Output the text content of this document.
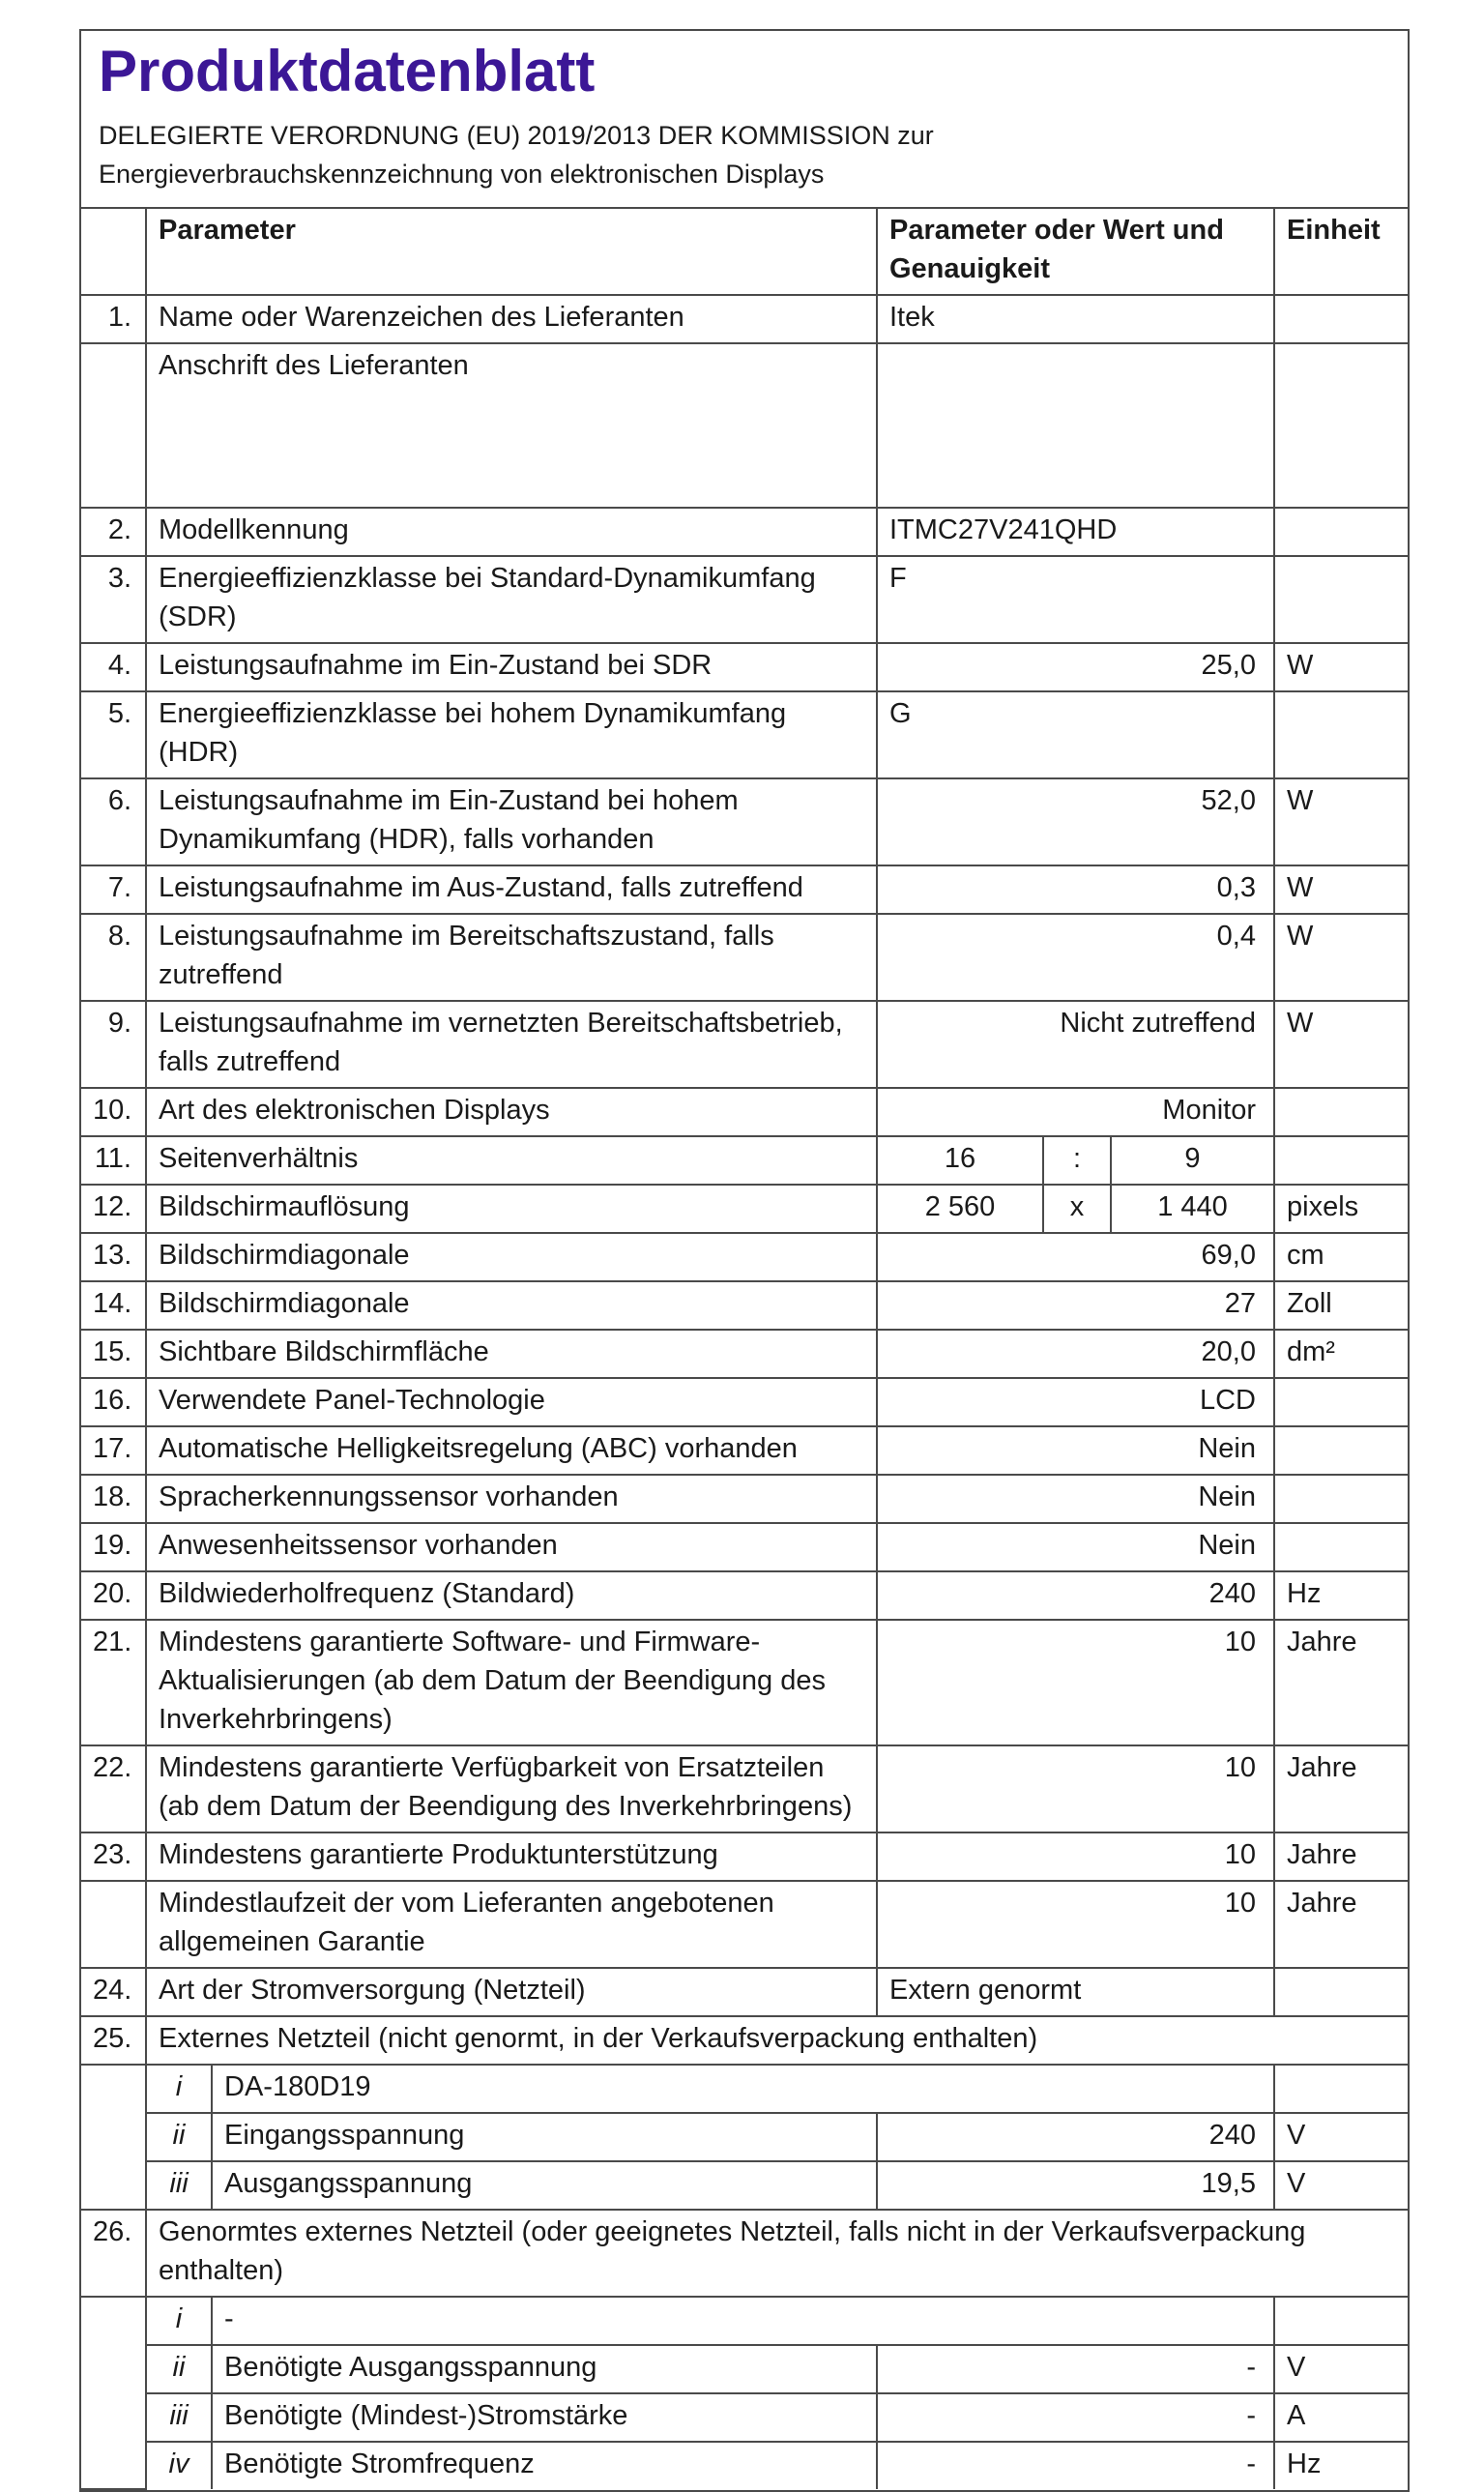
Produktdatenblatt
DELEGIERTE VERORDNUNG (EU) 2019/2013 DER KOMMISSION zur
Energieverbrauchskennzeichnung von elektronischen Displays
	Parameter		Parameter oder Wert und Genauigkeit			Einheit
1.	Name oder Warenzeichen des Lieferanten		Itek			
	Anschrift des Lieferanten					
2.	Modellkennung		ITMC27V241QHD			
3.	Energieeffizienzklasse bei Standard-Dynamikumfang (SDR)		F			
4.	Leistungsaufnahme im Ein-Zustand bei SDR		25,0			W
5.	Energieeffizienzklasse bei hohem Dynamikumfang (HDR)		G			
6.	Leistungsaufnahme im Ein-Zustand bei hohem Dynamikumfang (HDR), falls vorhanden		52,0			W
7.	Leistungsaufnahme im Aus-Zustand, falls zutreffend		0,3			W
8.	Leistungsaufnahme im Bereitschaftszustand, falls zutreffend		0,4			W
9.	Leistungsaufnahme im vernetzten Bereitschaftsbetrieb, falls zutreffend		Nicht zutreffend			W
10.	Art des elektronischen Displays		Monitor			
11.	Seitenverhältnis		16	:	9	
12.	Bildschirmauflösung		2 560	x	1 440	pixels
13.	Bildschirmdiagonale		69,0			cm
14.	Bildschirmdiagonale		27			Zoll
15.	Sichtbare Bildschirmfläche		20,0			dm²
16.	Verwendete Panel-Technologie		LCD			
17.	Automatische Helligkeitsregelung (ABC) vorhanden		Nein			
18.	Spracherkennungssensor vorhanden		Nein			
19.	Anwesenheitssensor vorhanden		Nein			
20.	Bildwiederholfrequenz (Standard)		240			Hz
21.	Mindestens garantierte Software- und Firmware-Aktualisierungen (ab dem Datum der Beendigung des Inverkehrbringens)		10			Jahre
22.	Mindestens garantierte Verfügbarkeit von Ersatzteilen (ab dem Datum der Beendigung des Inverkehrbringens)		10			Jahre
23.	Mindestens garantierte Produktunterstützung		10			Jahre
	Mindestlaufzeit der vom Lieferanten angebotenen allgemeinen Garantie		10			Jahre
24.	Art der Stromversorgung (Netzteil)		Extern genormt			
25.	Externes Netzteil (nicht genormt, in der Verkaufsverpackung enthalten)					
	i	DA-180D19				
	ii	Eingangsspannung	240			V
	iii	Ausgangsspannung	19,5			V
26.	Genormtes externes Netzteil (oder geeignetes Netzteil, falls nicht in der Verkaufsverpackung enthalten)					
	i	-				
	ii	Benötigte Ausgangsspannung	-			V
	iii	Benötigte (Mindest-)Stromstärke	-			A
	iv	Benötigte Stromfrequenz	-			Hz
